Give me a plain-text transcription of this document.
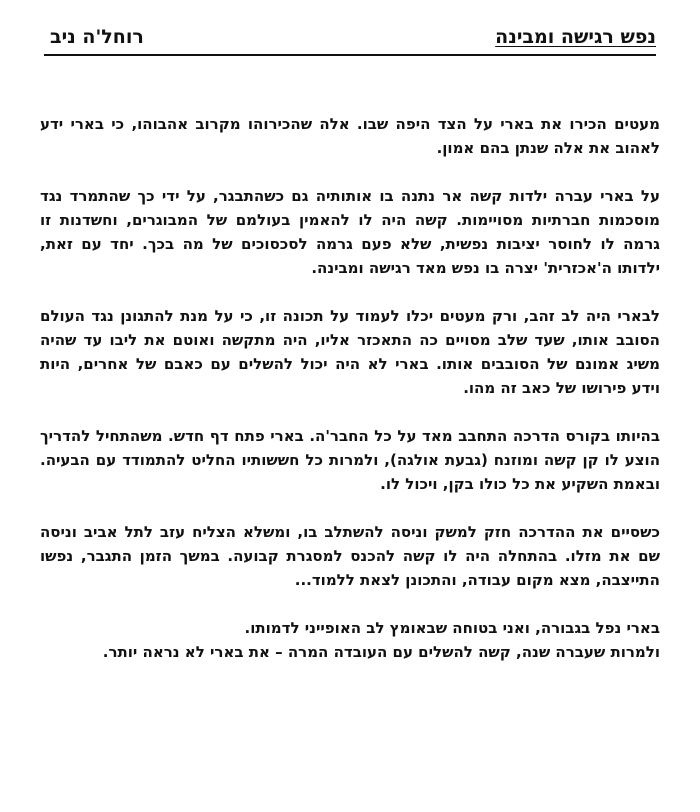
נפש רגישה ומבינה
רוחל'ה ניב

מעטים הכירו את בארי על הצד היפה שבו. אלה שהכירוהו מקרוב אהבוהו, כי בארי ידע לאהוב את אלה שנתן בהם אמון.

על בארי עברה ילדות קשה אר נתנה בו אותותיה גם כשהתבגר, על ידי כך שהתמרד נגד מוסכמות חברתיות מסויימות. קשה היה לו להאמין בעולמם של המבוגרים, וחשדנות זו גרמה לו לחוסר יציבות נפשית, שלא פעם גרמה לסכסוכים של מה בכך. יחד עם זאת, ילדותו ה'אכזרית' יצרה בו נפש מאד רגישה ומבינה.

לבארי היה לב זהב, ורק מעטים יכלו לעמוד על תכונה זו, כי על מנת להתגונן נגד העולם הסובב אותו, שעד שלב מסויים כה התאכזר אליו, היה מתקשה ואוטם את ליבו עד שהיה משיג אמונם של הסובבים אותו. בארי לא היה יכול להשלים עם כאבם של אחרים, היות וידע פירושו של כאב זה מהו.

בהיותו בקורס הדרכה התחבב מאד על כל החבר'ה. בארי פתח דף חדש. משהתחיל להדריך הוצע לו קן קשה ומוזנח (גבעת אולגה), ולמרות כל חששותיו החליט להתמודד עם הבעיה. ובאמת השקיע את כל כולו בקן, ויכול לו.

כשסיים את ההדרכה חזק למשק וניסה להשתלב בו, ומשלא הצליח עזב לתל אביב וניסה שם את מזלו. בהתחלה היה לו קשה להכנס למסגרת קבועה. במשך הזמן התגבר, נפשו התייצבה, מצא מקום עבודה, והתכונן לצאת ללמוד...

בארי נפל בגבורה, ואני בטוחה שבאומץ לב האופייני לדמותו.

ולמרות שעברה שנה, קשה להשלים עם העובדה המרה – את בארי לא נראה יותר.
